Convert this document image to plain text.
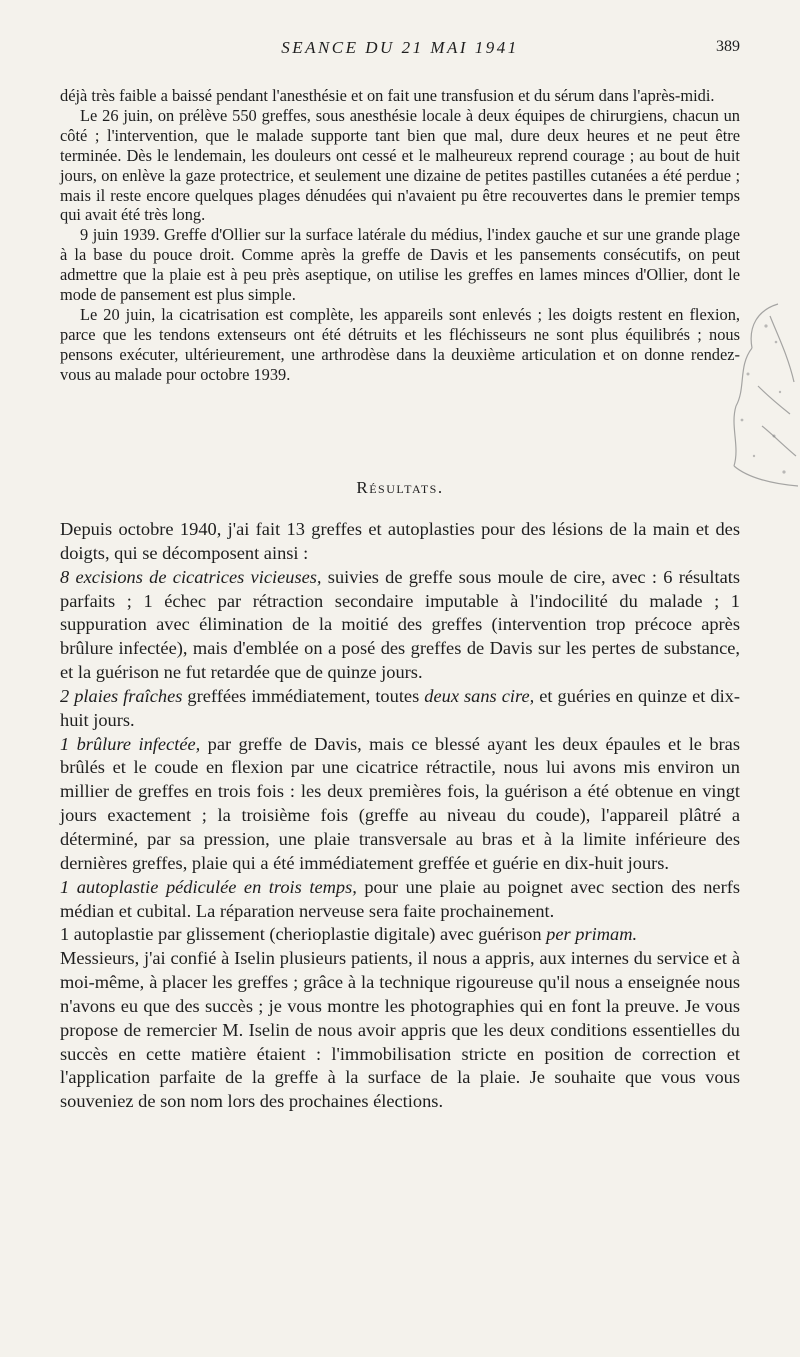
SEANCE DU 21 MAI 1941	389

déjà très faible a baissé pendant l'anesthésie et on fait une transfusion et du sérum dans l'après-midi.

Le 26 juin, on prélève 550 greffes, sous anesthésie locale à deux équipes de chirurgiens, chacun un côté ; l'intervention, que le malade supporte tant bien que mal, dure deux heures et ne peut être terminée. Dès le lendemain, les douleurs ont cessé et le malheureux reprend courage ; au bout de huit jours, on enlève la gaze protectrice, et seulement une dizaine de petites pastilles cutanées a été perdue ; mais il reste encore quelques plages dénudées qui n'avaient pu être recouvertes dans le premier temps qui avait été très long.

9 juin 1939. Greffe d'Ollier sur la surface latérale du médius, l'index gauche et sur une grande plage à la base du pouce droit. Comme après la greffe de Davis et les pansements consécutifs, on peut admettre que la plaie est à peu près aseptique, on utilise les greffes en lames minces d'Ollier, dont le mode de pansement est plus simple.

Le 20 juin, la cicatrisation est complète, les appareils sont enlevés ; les doigts restent en flexion, parce que les tendons extenseurs ont été détruits et les fléchisseurs ne sont plus équilibrés ; nous pensons exécuter, ultérieurement, une arthrodèse dans la deuxième articulation et on donne rendez-vous au malade pour octobre 1939.

Résultats.

Depuis octobre 1940, j'ai fait 13 greffes et autoplasties pour des lésions de la main et des doigts, qui se décomposent ainsi :

8 excisions de cicatrices vicieuses, suivies de greffe sous moule de cire, avec : 6 résultats parfaits ; 1 échec par rétraction secondaire imputable à l'indocilité du malade ; 1 suppuration avec élimination de la moitié des greffes (intervention trop précoce après brûlure infectée), mais d'emblée on a posé des greffes de Davis sur les pertes de substance, et la guérison ne fut retardée que de quinze jours.

2 plaies fraîches greffées immédiatement, toutes deux sans cire, et guéries en quinze et dix-huit jours.

1 brûlure infectée, par greffe de Davis, mais ce blessé ayant les deux épaules et le bras brûlés et le coude en flexion par une cicatrice rétractile, nous lui avons mis environ un millier de greffes en trois fois : les deux premières fois, la guérison a été obtenue en vingt jours exactement ; la troisième fois (greffe au niveau du coude), l'appareil plâtré a déterminé, par sa pression, une plaie transversale au bras et à la limite inférieure des dernières greffes, plaie qui a été immédiatement greffée et guérie en dix-huit jours.

1 autoplastie pédiculée en trois temps, pour une plaie au poignet avec section des nerfs médian et cubital. La réparation nerveuse sera faite prochainement.

1 autoplastie par glissement (cherioplastie digitale) avec guérison per primam.

Messieurs, j'ai confié à Iselin plusieurs patients, il nous a appris, aux internes du service et à moi-même, à placer les greffes ; grâce à la technique rigoureuse qu'il nous a enseignée nous n'avons eu que des succès ; je vous montre les photographies qui en font la preuve. Je vous propose de remercier M. Iselin de nous avoir appris que les deux conditions essentielles du succès en cette matière étaient : l'immobilisation stricte en position de correction et l'application parfaite de la greffe à la surface de la plaie. Je souhaite que vous vous souveniez de son nom lors des prochaines élections.
